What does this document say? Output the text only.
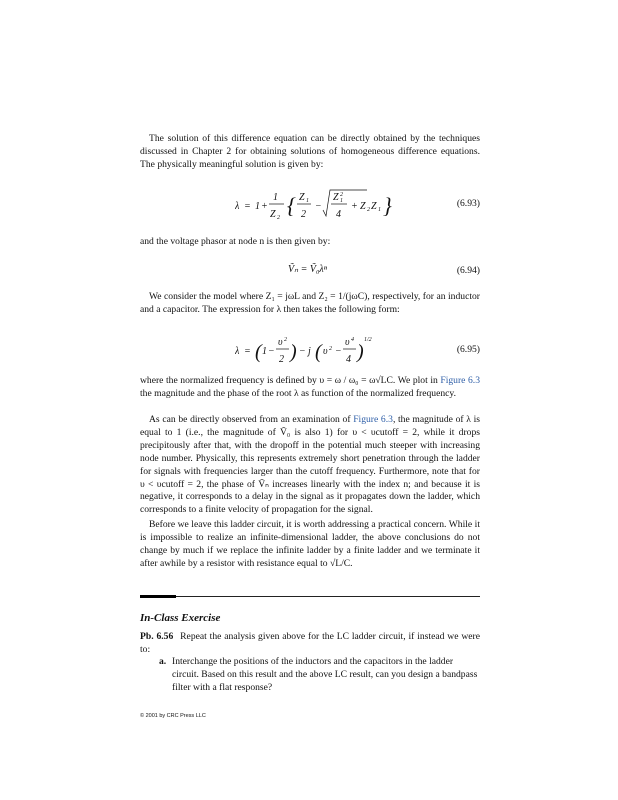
The solution of this difference equation can be directly obtained by the techniques discussed in Chapter 2 for obtaining solutions of homogeneous difference equations. The physically meaningful solution is given by:
λ = 1 +
1
Z 2 { Z 1
2
−
Z 2
1
4
+ Z 2 Z 1 }	(6.93)
and the voltage phasor at node n is then given by:
Ṽₙ = Ṽ₀λⁿ	(6.94)
We consider the model where Z₁ = jωL and Z₂ = 1/(jωC), respectively, for an inductor and a capacitor. The expression for λ then takes the following form:
λ = ( 1 −
υ 2
2 ) − j ( υ 2 −
υ 4
4 )
1/2
(6.95)
where the normalized frequency is defined by υ = ω / ω₀ = ω√LC. We plot in Figure 6.3 the magnitude and the phase of the root λ as function of the normalized frequency.
As can be directly observed from an examination of Figure 6.3, the magnitude of λ is equal to 1 (i.e., the magnitude of Ṽ₀ is also 1) for υ < υcutoff = 2, while it drops precipitously after that, with the dropoff in the potential much steeper with increasing node number. Physically, this represents extremely short penetration through the ladder for signals with frequencies larger than the cutoff frequency. Furthermore, note that for υ < υcutoff = 2, the phase of Ṽₙ increases linearly with the index n; and because it is negative, it corresponds to a delay in the signal as it propagates down the ladder, which corresponds to a finite velocity of propagation for the signal.
Before we leave this ladder circuit, it is worth addressing a practical concern. While it is impossible to realize an infinite-dimensional ladder, the above conclusions do not change by much if we replace the infinite ladder by a finite ladder and we terminate it after awhile by a resistor with resistance equal to √L/C.
In-Class Exercise
Pb. 6.56 Repeat the analysis given above for the LC ladder circuit, if instead we were to:
a. Interchange the positions of the inductors and the capacitors in the ladder circuit. Based on this result and the above LC result, can you design a bandpass filter with a flat response?
© 2001 by CRC Press LLC
